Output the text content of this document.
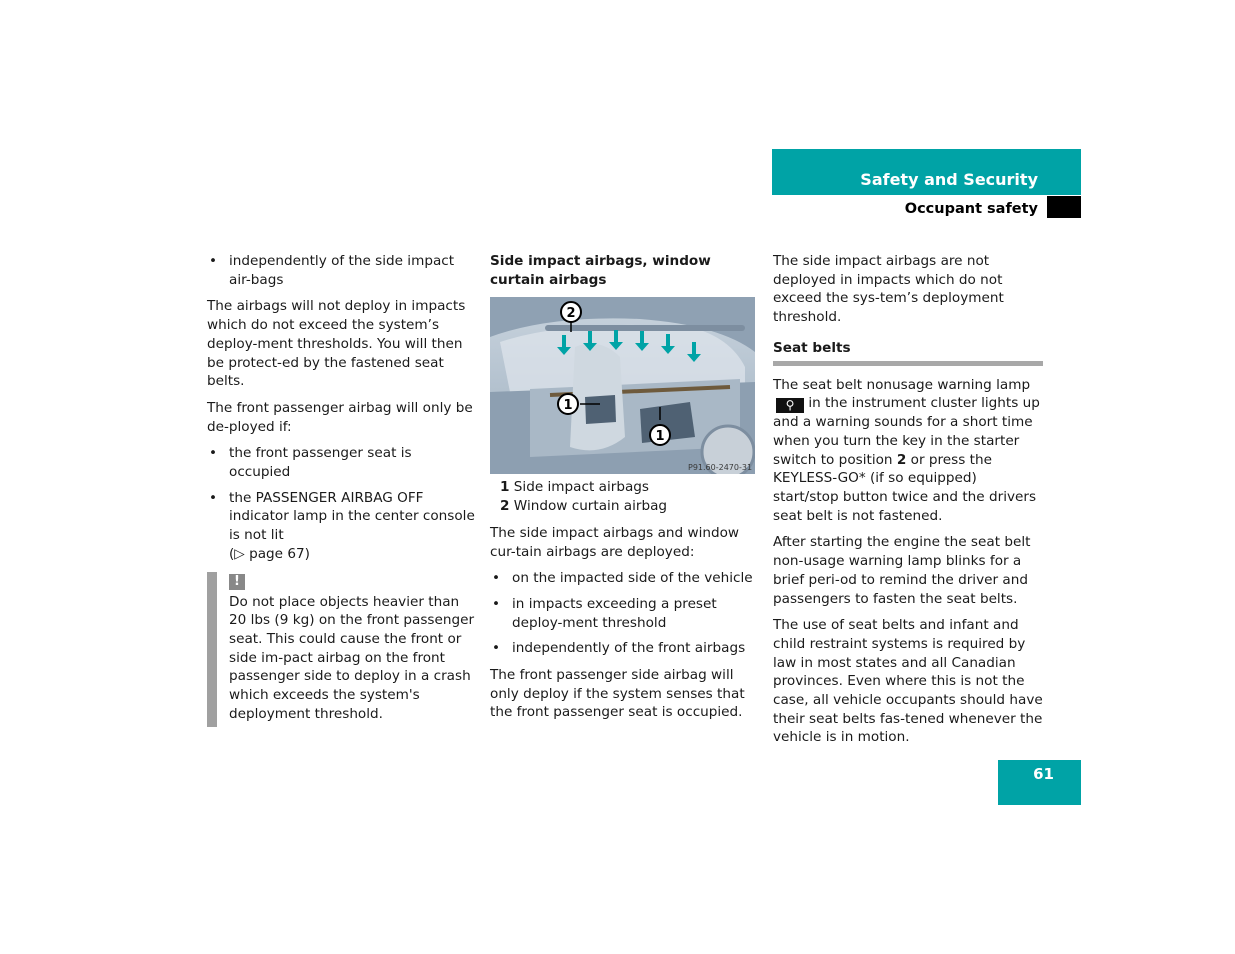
Safety and Security
Occupant safety
61
• independently of the side impact air-bags

The airbags will not deploy in impacts which do not exceed the system’s deploy-ment thresholds. You will then be protect-ed by the fastened seat belts.

The front passenger airbag will only be de-ployed if:

• the front passenger seat is occupied
• the PASSENGER AIRBAG OFF indicator lamp in the center console is not lit
(▷ page 67)
!
Do not place objects heavier than 20 lbs (9 kg) on the front passenger seat. This could cause the front or side im-pact airbag on the front passenger side to deploy in a crash which exceeds the system's deployment threshold.
Side impact airbags, window curtain airbags
2
1
1
P91.60-2470-31
1 Side impact airbags
2 Window curtain airbag

The side impact airbags and window cur-tain airbags are deployed:

• on the impacted side of the vehicle
• in impacts exceeding a preset deploy-ment threshold
• independently of the front airbags

The front passenger side airbag will only deploy if the system senses that the front passenger seat is occupied.

The side impact airbags are not deployed in impacts which do not exceed the sys-tem’s deployment threshold.

Seat belts

The seat belt nonusage warning lamp⚲ in the instrument cluster lights up and a warning sounds for a short time when you turn the key in the starter switch to position 2 or press the KEYLESS-GO* (if so equipped) start/stop button twice and the drivers seat belt is not fastened.

After starting the engine the seat belt non-usage warning lamp blinks for a brief peri-od to remind the driver and passengers to fasten the seat belts.

The use of seat belts and infant and child restraint systems is required by law in most states and all Canadian provinces. Even where this is not the case, all vehicle occupants should have their seat belts fas-tened whenever the vehicle is in motion.
